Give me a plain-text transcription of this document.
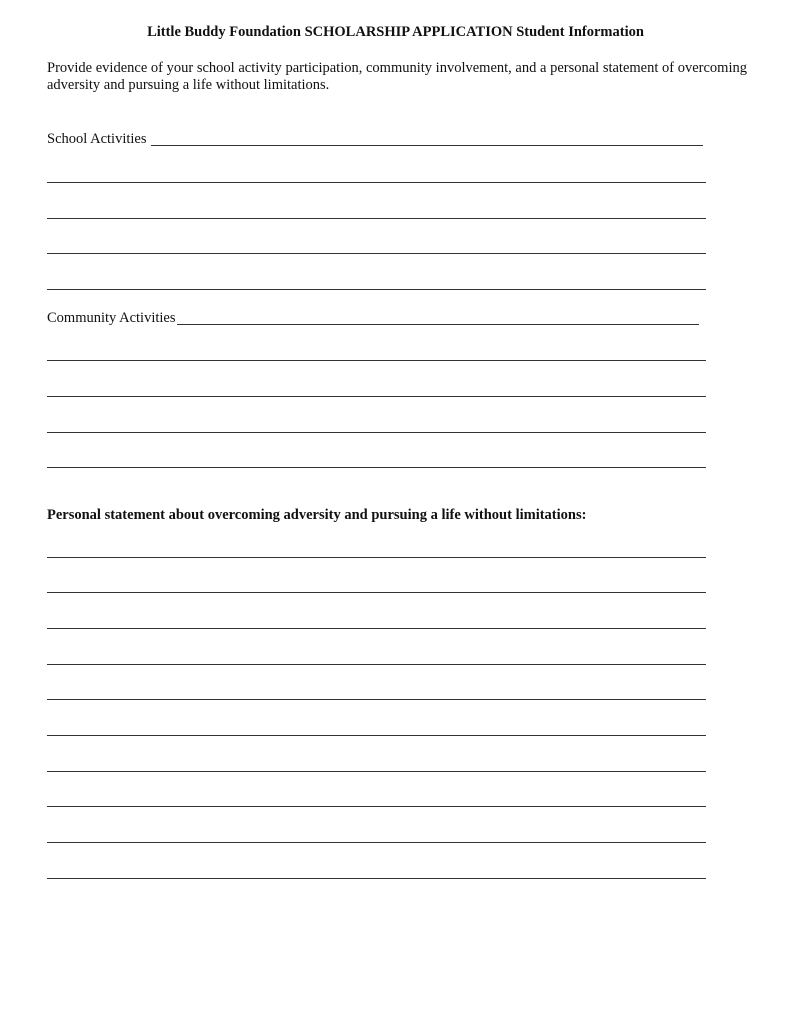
Little Buddy Foundation SCHOLARSHIP APPLICATION Student Information
Provide evidence of your school activity participation, community involvement, and a personal statement of overcoming adversity and pursuing a life without limitations.
School Activities
Community Activities
Personal statement about overcoming adversity and pursuing a life without limitations:
